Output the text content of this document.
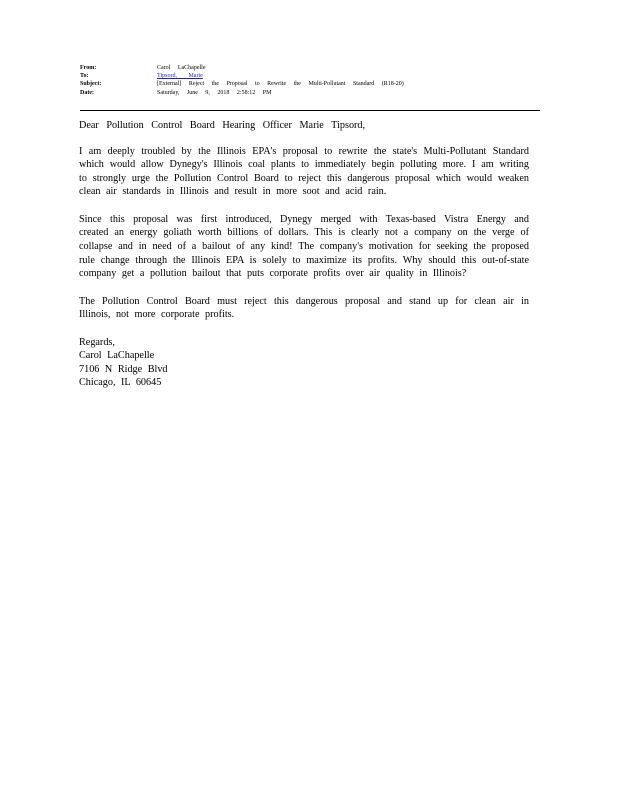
From:	Carol LaChapelle
To:	Tipsord, Marie
Subject:	[External] Reject the Proposal to Rewrite the Multi-Pollutant Standard (R18-20)
Date:	Saturday, June 9, 2018 2:58:12 PM

Dear Pollution Control Board Hearing Officer Marie Tipsord,

I am deeply troubled by the Illinois EPA's proposal to rewrite the state's Multi-Pollutant Standard which would allow Dynegy's Illinois coal plants to immediately begin polluting more. I am writing to strongly urge the Pollution Control Board to reject this dangerous proposal which would weaken clean air standards in Illinois and result in more soot and acid rain.

Since this proposal was first introduced, Dynegy merged with Texas-based Vistra Energy and created an energy goliath worth billions of dollars. This is clearly not a company on the verge of collapse and in need of a bailout of any kind! The company's motivation for seeking the proposed rule change through the Illinois EPA is solely to maximize its profits. Why should this out-of-state company get a pollution bailout that puts corporate profits over air quality in Illinois?

The Pollution Control Board must reject this dangerous proposal and stand up for clean air in Illinois, not more corporate profits.

Regards,
Carol LaChapelle
7106 N Ridge Blvd
Chicago, IL 60645
